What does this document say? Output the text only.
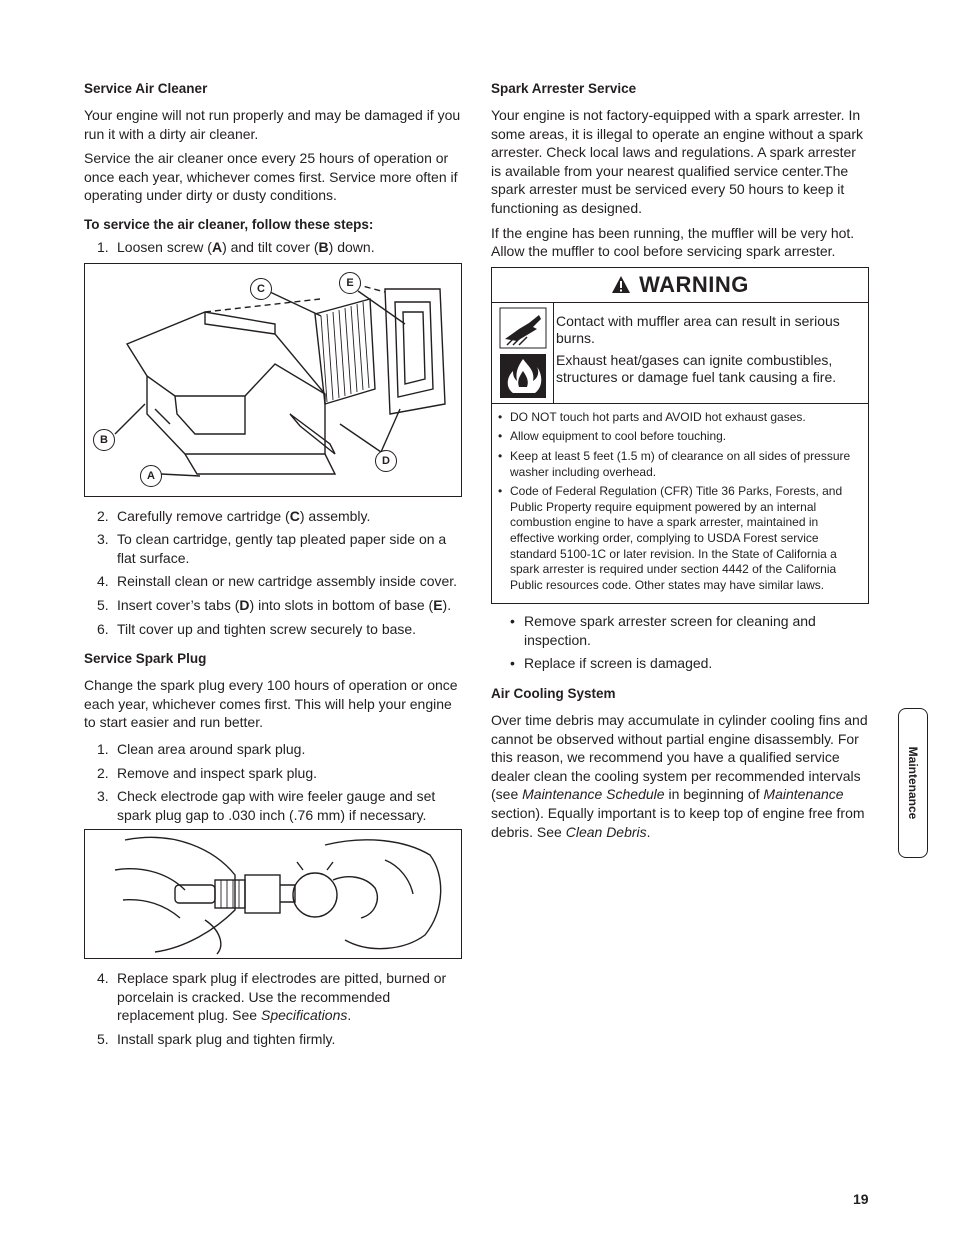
Service Air Cleaner

Your engine will not run properly and may be damaged if you run it with a dirty air cleaner.

Service the air cleaner once every 25 hours of operation or once each year, whichever comes first. Service more often if operating under dirty or dusty conditions.

To service the air cleaner, follow these steps:
1. Loosen screw (A) and tilt cover (B) down.
C	E
B
A
D
2. Carefully remove cartridge (C) assembly.
3. To clean cartridge, gently tap pleated paper side on a flat surface.
4. Reinstall clean or new cartridge assembly inside cover.
5. Insert cover’s tabs (D) into slots in bottom of base (E).
6. Tilt cover up and tighten screw securely to base.
Service Spark Plug

Change the spark plug every 100 hours of operation or once each year, whichever comes first. This will help your engine to start easier and run better.

1. Clean area around spark plug.
2. Remove and inspect spark plug.
3. Check electrode gap with wire feeler gauge and set spark plug gap to .030 inch (.76 mm) if necessary.
4. Replace spark plug if electrodes are pitted, burned or porcelain is cracked. Use the recommended replacement plug. See Specifications.
5. Install spark plug and tighten firmly.
Spark Arrester Service

Your engine is not factory-equipped with a spark arrester. In some areas, it is illegal to operate an engine without a spark arrester. Check local laws and regulations. A spark arrester is available from your nearest qualified service center.The spark arrester must be serviced every 50 hours to keep it functioning as designed.

If the engine has been running, the muffler will be very hot. Allow the muffler to cool before servicing spark arrester.

WARNING

Contact with muffler area can result in serious burns.

Exhaust heat/gases can ignite combustibles, structures or damage fuel tank causing a fire.

• DO NOT touch hot parts and AVOID hot exhaust gases.
• Allow equipment to cool before touching.
• Keep at least 5 feet (1.5 m) of clearance on all sides of pressure washer including overhead.
• Code of Federal Regulation (CFR) Title 36 Parks, Forests, and Public Property require equipment powered by an internal combustion engine to have a spark arrester, maintained in effective working order, complying to USDA Forest service standard 5100-1C or later revision. In the State of California a spark arrester is required under section 4442 of the California Public resources code. Other states may have similar laws.
• Remove spark arrester screen for cleaning and inspection.
• Replace if screen is damaged.
Air Cooling System

Over time debris may accumulate in cylinder cooling fins and cannot be observed without partial engine disassembly. For this reason, we recommend you have a qualified service dealer clean the cooling system per recommended intervals (see Maintenance Schedule in beginning of Maintenance section). Equally important is to keep top of engine free from debris. See Clean Debris.

Maintenance
19
